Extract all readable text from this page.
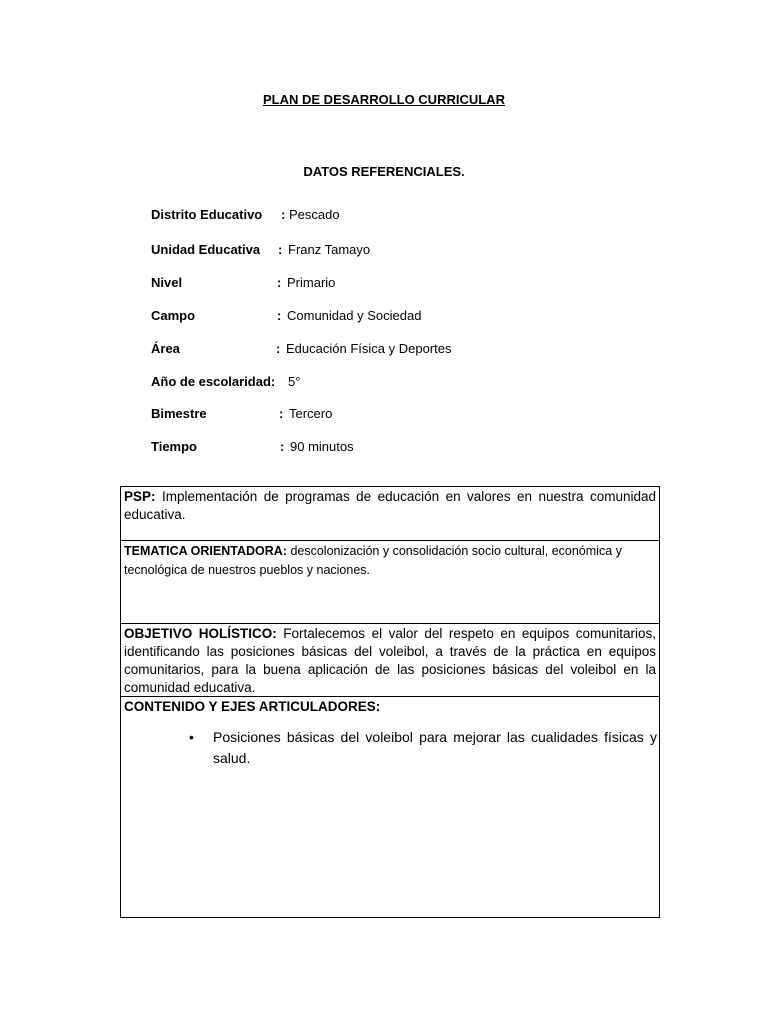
PLAN DE DESARROLLO CURRICULAR
DATOS REFERENCIALES.
Distrito Educativo : Pescado
Unidad Educativa : Franz Tamayo
Nivel	: Primario
Campo	: Comunidad y Sociedad
Área	: Educación Física y Deportes
Año de escolaridad: 5°
Bimestre	: Tercero
Tiempo	: 90 minutos
PSP: Implementación de programas de educación en valores en nuestra comunidad educativa.
TEMATICA ORIENTADORA: descolonización y consolidación socio cultural, económica y tecnológica de nuestros pueblos y naciones.
OBJETIVO HOLÍSTICO: Fortalecemos el valor del respeto en equipos comunitarios, identificando las posiciones básicas del voleibol, a través de la práctica en equipos comunitarios, para la buena aplicación de las posiciones básicas del voleibol en la comunidad educativa.
CONTENIDO Y EJES ARTICULADORES:
• Posiciones básicas del voleibol para mejorar las cualidades físicas y salud.
